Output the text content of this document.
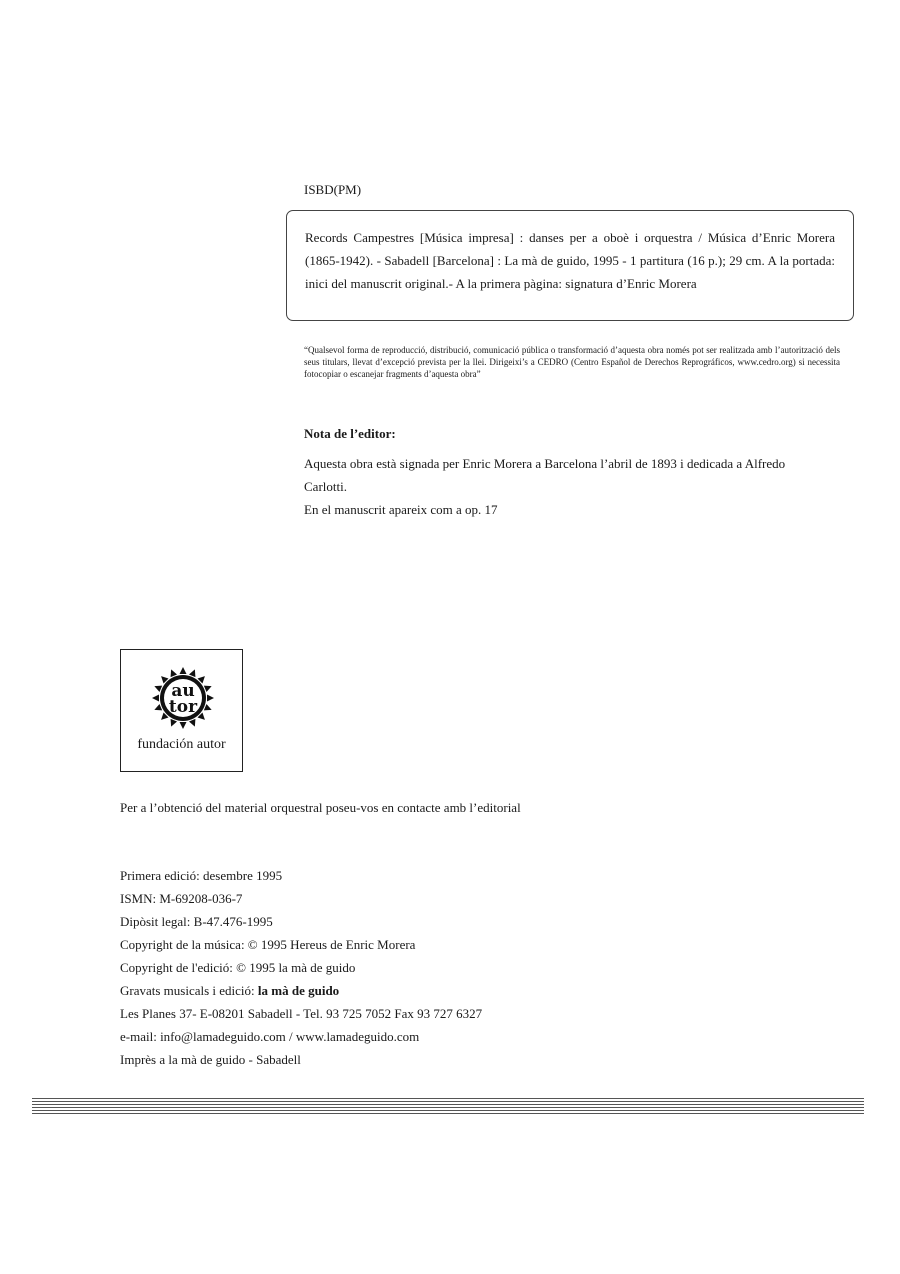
ISBD(PM)
Records Campestres [Música impresa] : danses per a oboè i orquestra / Música d’Enric Morera (1865-1942). - Sabadell [Barcelona] : La mà de guido, 1995 - 1 partitura (16 p.); 29 cm. A la portada: inici del manuscrit original.- A la primera pàgina: signatura d’Enric Morera
“Qualsevol forma de reproducció, distribució, comunicació pública o transformació d’aquesta obra només pot ser realitzada amb l’autorització dels seus titulars, llevat d’excepció prevista per la llei. Dirigeixi’s a CEDRO (Centro Español de Derechos Reprográficos, www.cedro.org) si necessita fotocopiar o escanejar fragments d’aquesta obra”
Nota de l’editor:
Aquesta obra està signada per Enric Morera a Barcelona l’abril de 1893 i dedicada a Alfredo Carlotti.
En el manuscrit apareix com a op. 17
au
tor
fundación autor
Per a l’obtenció del material orquestral poseu-vos en contacte amb l’editorial
Primera edició: desembre 1995
ISMN: M-69208-036-7
Dipòsit legal: B-47.476-1995
Copyright de la música: © 1995 Hereus de Enric Morera
Copyright de l'edició: © 1995 la mà de guido
Gravats musicals i edició: la mà de guido
Les Planes 37- E-08201 Sabadell - Tel. 93 725 7052 Fax 93 727 6327
e-mail: info@lamadeguido.com / www.lamadeguido.com
Imprès a la mà de guido - Sabadell
